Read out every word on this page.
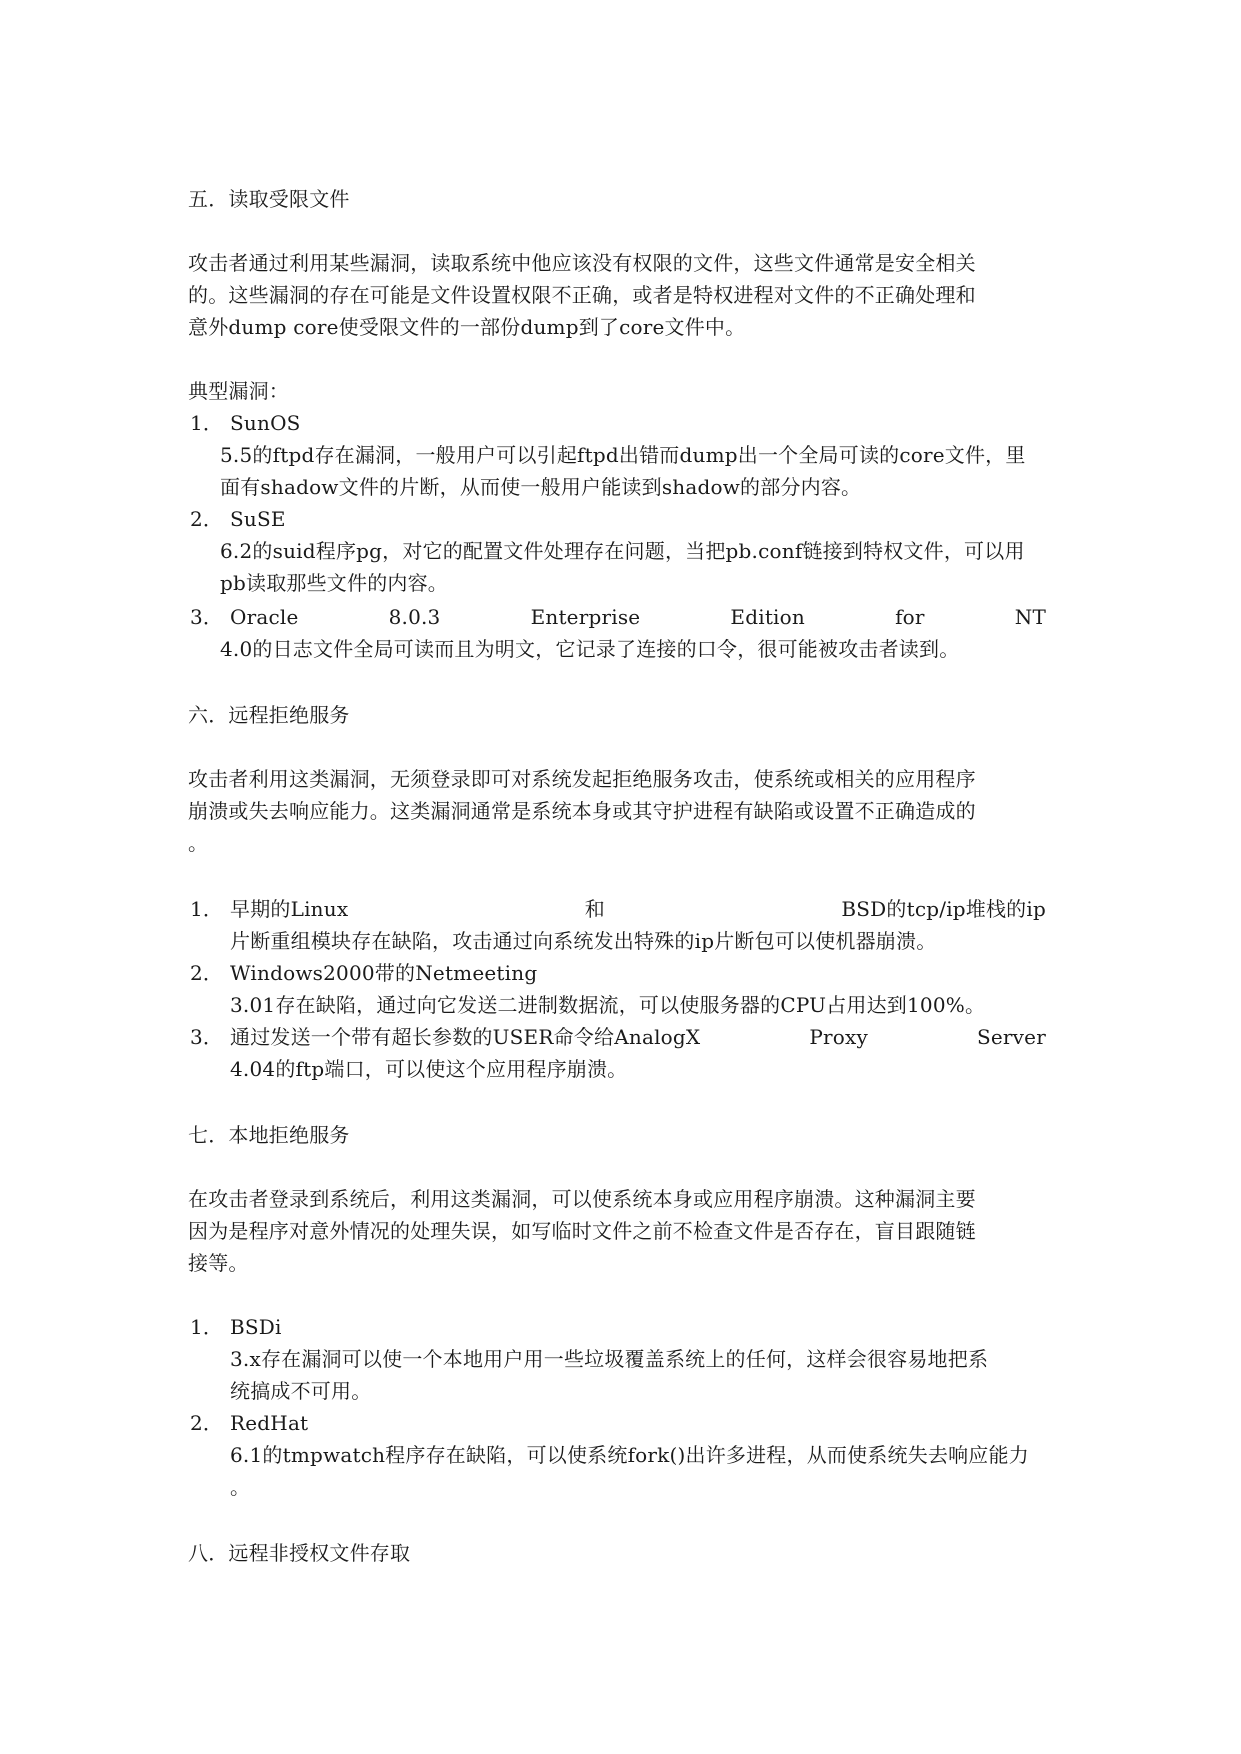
五．读取受限文件
攻击者通过利用某些漏洞，读取系统中他应该没有权限的文件，这些文件通常是安全相关
的。这些漏洞的存在可能是文件设置权限不正确，或者是特权进程对文件的不正确处理和
意外dump core使受限文件的一部份dump到了core文件中。
典型漏洞：
1． SunOS
5.5的ftpd存在漏洞，一般用户可以引起ftpd出错而dump出一个全局可读的core文件，里
面有shadow文件的片断，从而使一般用户能读到shadow的部分内容。
2． SuSE
6.2的suid程序pg，对它的配置文件处理存在问题，当把pb.conf链接到特权文件，可以用
pb读取那些文件的内容。
3． Oracle	8.0.3	Enterprise	Edition	for	NT
4.0的日志文件全局可读而且为明文，它记录了连接的口令，很可能被攻击者读到。
六．远程拒绝服务
攻击者利用这类漏洞，无须登录即可对系统发起拒绝服务攻击，使系统或相关的应用程序
崩溃或失去响应能力。这类漏洞通常是系统本身或其守护进程有缺陷或设置不正确造成的
。
1． 早期的Linux	和	BSD的tcp/ip堆栈的ip
片断重组模块存在缺陷，攻击通过向系统发出特殊的ip片断包可以使机器崩溃。
2． Windows2000带的Netmeeting
3.01存在缺陷，通过向它发送二进制数据流，可以使服务器的CPU占用达到100%。
3． 通过发送一个带有超长参数的USER命令给AnalogX	Proxy	Server
4.04的ftp端口，可以使这个应用程序崩溃。
七．本地拒绝服务
在攻击者登录到系统后，利用这类漏洞，可以使系统本身或应用程序崩溃。这种漏洞主要
因为是程序对意外情况的处理失误，如写临时文件之前不检查文件是否存在，盲目跟随链
接等。
1． BSDi
3.x存在漏洞可以使一个本地用户用一些垃圾覆盖系统上的任何，这样会很容易地把系
统搞成不可用。
2． RedHat
6.1的tmpwatch程序存在缺陷，可以使系统fork()出许多进程，从而使系统失去响应能力
。
八．远程非授权文件存取
